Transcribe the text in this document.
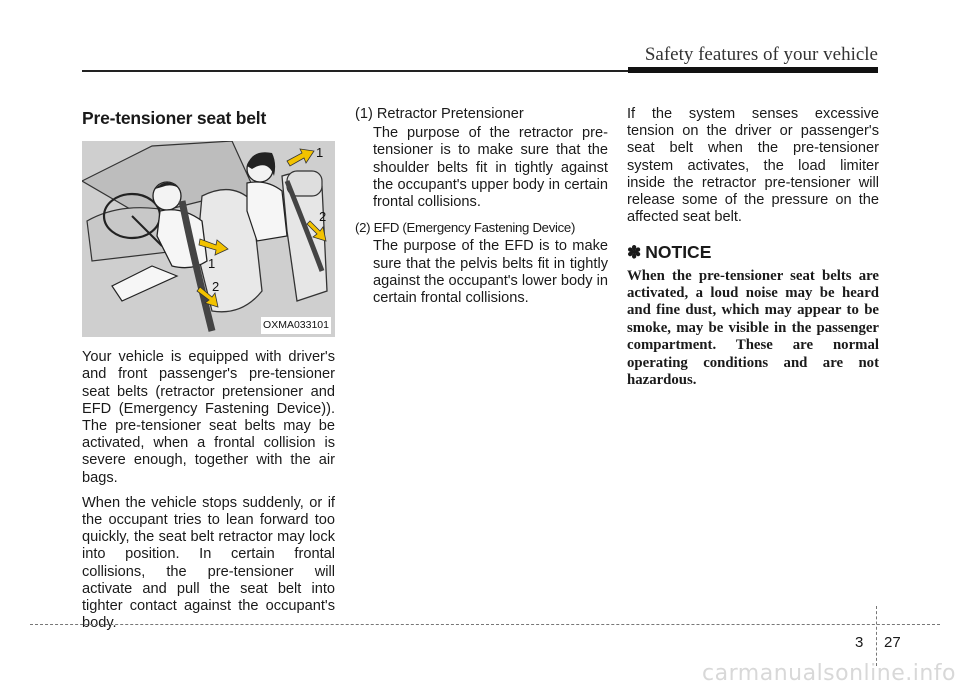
Safety features of your vehicle
Pre-tensioner seat belt
1
2
1
2
OXMA033101

Your vehicle is equipped with driver's and front passenger's pre-tensioner seat belts (retractor pretensioner and EFD (Emergency Fastening Device)). The pre-tensioner seat belts may be activated, when a frontal collision is severe enough, together with the air bags.

When the vehicle stops suddenly, or if the occupant tries to lean forward too quickly, the seat belt retractor may lock into position. In certain frontal collisions, the pre-tensioner will activate and pull the seat belt into tighter contact against the occupant's body.

(1) Retractor Pretensioner
The purpose of the retractor pre-tensioner is to make sure that the shoulder belts fit in tightly against the occupant's upper body in certain frontal collisions.
(2) EFD (Emergency Fastening Device)
The purpose of the EFD is to make sure that the pelvis belts fit in tightly against the occupant's lower body in certain frontal collisions.

If the system senses excessive tension on the driver or passenger's seat belt when the pre-tensioner system activates, the load limiter inside the retractor pre-tensioner will release some of the pressure on the affected seat belt.

✽ NOTICE

When the pre-tensioner seat belts are activated, a loud noise may be heard and fine dust, which may appear to be smoke, may be visible in the passenger compartment. These are normal operating conditions and are not hazardous.

3 27
carmanualsonline.info
